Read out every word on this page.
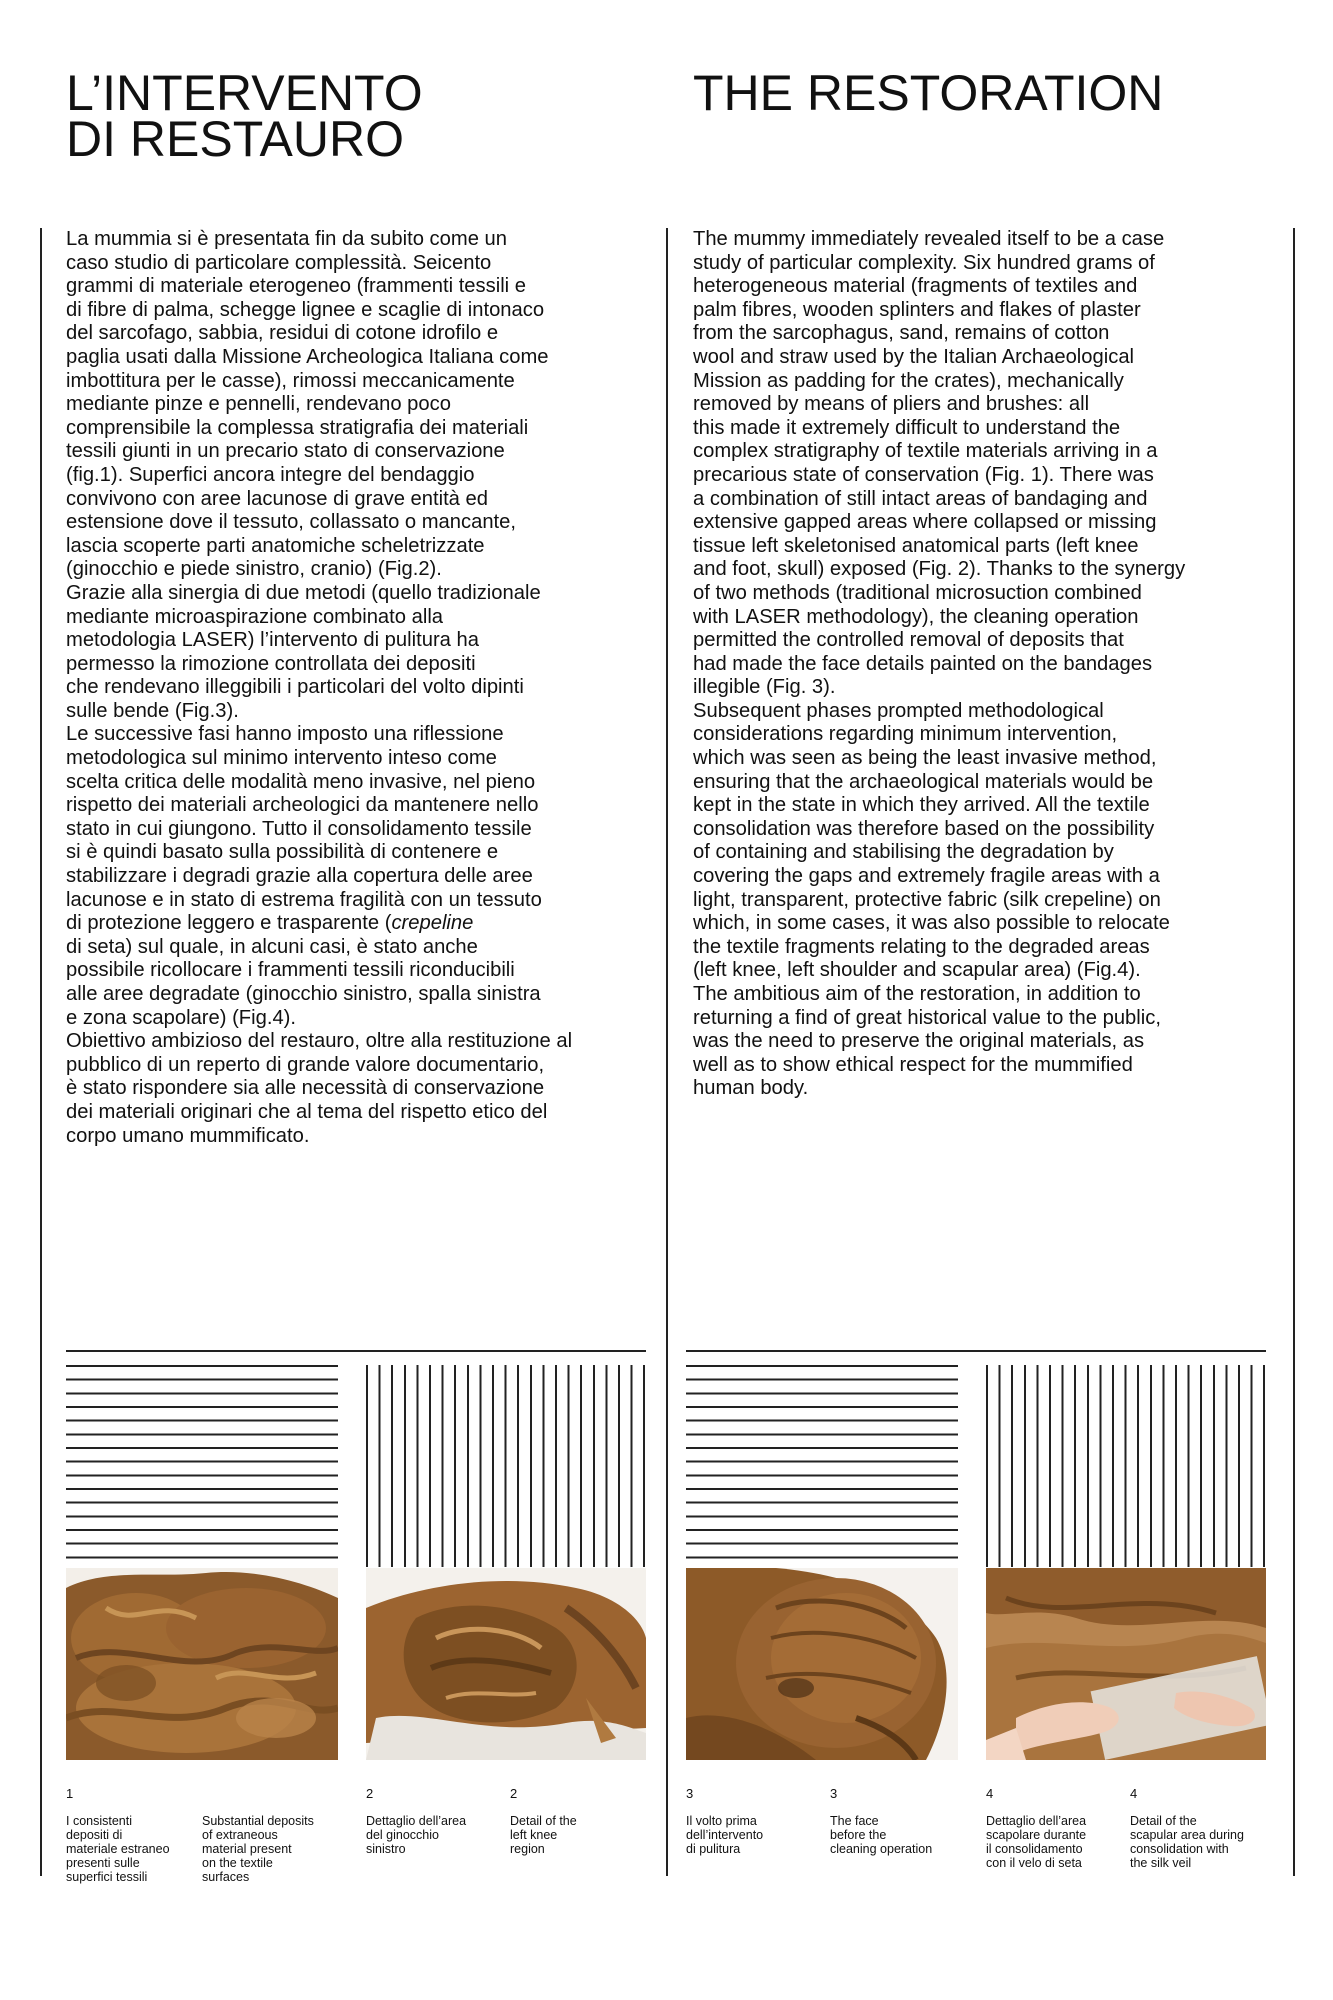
L’INTERVENTO
DI RESTAURO
THE RESTORATION

La mummia si è presentata fin da subito come un
caso studio di particolare complessità. Seicento
grammi di materiale eterogeneo (frammenti tessili e
di fibre di palma, schegge lignee e scaglie di intonaco
del sarcofago, sabbia, residui di cotone idrofilo e
paglia usati dalla Missione Archeologica Italiana come
imbottitura per le casse), rimossi meccanicamente
mediante pinze e pennelli, rendevano poco
comprensibile la complessa stratigrafia dei materiali
tessili giunti in un precario stato di conservazione
(fig.1). Superfici ancora integre del bendaggio
convivono con aree lacunose di grave entità ed
estensione dove il tessuto, collassato o mancante,
lascia scoperte parti anatomiche scheletrizzate
(ginocchio e piede sinistro, cranio) (Fig.2).
Grazie alla sinergia di due metodi (quello tradizionale
mediante microaspirazione combinato alla
metodologia LASER) l’intervento di pulitura ha
permesso la rimozione controllata dei depositi
che rendevano illeggibili i particolari del volto dipinti
sulle bende (Fig.3).
Le successive fasi hanno imposto una riflessione
metodologica sul minimo intervento inteso come
scelta critica delle modalità meno invasive, nel pieno
rispetto dei materiali archeologici da mantenere nello
stato in cui giungono. Tutto il consolidamento tessile
si è quindi basato sulla possibilità di contenere e
stabilizzare i degradi grazie alla copertura delle aree
lacunose e in stato di estrema fragilità con un tessuto
di protezione leggero e trasparente (crepeline
di seta) sul quale, in alcuni casi, è stato anche
possibile ricollocare i frammenti tessili riconducibili
alle aree degradate (ginocchio sinistro, spalla sinistra
e zona scapolare) (Fig.4).
Obiettivo ambizioso del restauro, oltre alla restituzione al
pubblico di un reperto di grande valore documentario,
è stato rispondere sia alle necessità di conservazione
dei materiali originari che al tema del rispetto etico del
corpo umano mummificato.

The mummy immediately revealed itself to be a case
study of particular complexity. Six hundred grams of
heterogeneous material (fragments of textiles and
palm fibres, wooden splinters and flakes of plaster
from the sarcophagus, sand, remains of cotton
wool and straw used by the Italian Archaeological
Mission as padding for the crates), mechanically
removed by means of pliers and brushes: all
this made it extremely difficult to understand the
complex stratigraphy of textile materials arriving in a
precarious state of conservation (Fig. 1). There was
a combination of still intact areas of bandaging and
extensive gapped areas where collapsed or missing
tissue left skeletonised anatomical parts (left knee
and foot, skull) exposed (Fig. 2). Thanks to the synergy
of two methods (traditional microsuction combined
with LASER methodology), the cleaning operation
permitted the controlled removal of deposits that
had made the face details painted on the bandages
illegible (Fig. 3).
Subsequent phases prompted methodological
considerations regarding minimum intervention,
which was seen as being the least invasive method,
ensuring that the archaeological materials would be
kept in the state in which they arrived. All the textile
consolidation was therefore based on the possibility
of containing and stabilising the degradation by
covering the gaps and extremely fragile areas with a
light, transparent, protective fabric (silk crepeline) on
which, in some cases, it was also possible to relocate
the textile fragments relating to the degraded areas
(left knee, left shoulder and scapular area) (Fig.4).
The ambitious aim of the restoration, in addition to
returning a find of great historical value to the public,
was the need to preserve the original materials, as
well as to show ethical respect for the mummified
human body.

1

I consistenti
depositi di
materiale estraneo
presenti sulle
superfici tessili

Substantial deposits
of extraneous
material present
on the textile
surfaces

2

Dettaglio dell’area
del ginocchio
sinistro

2

Detail of the
left knee
region

3

Il volto prima
dell’intervento
di pulitura

3

The face
before the
cleaning operation

4

Dettaglio dell’area
scapolare durante
il consolidamento
con il velo di seta

4

Detail of the
scapular area during
consolidation with
the silk veil
